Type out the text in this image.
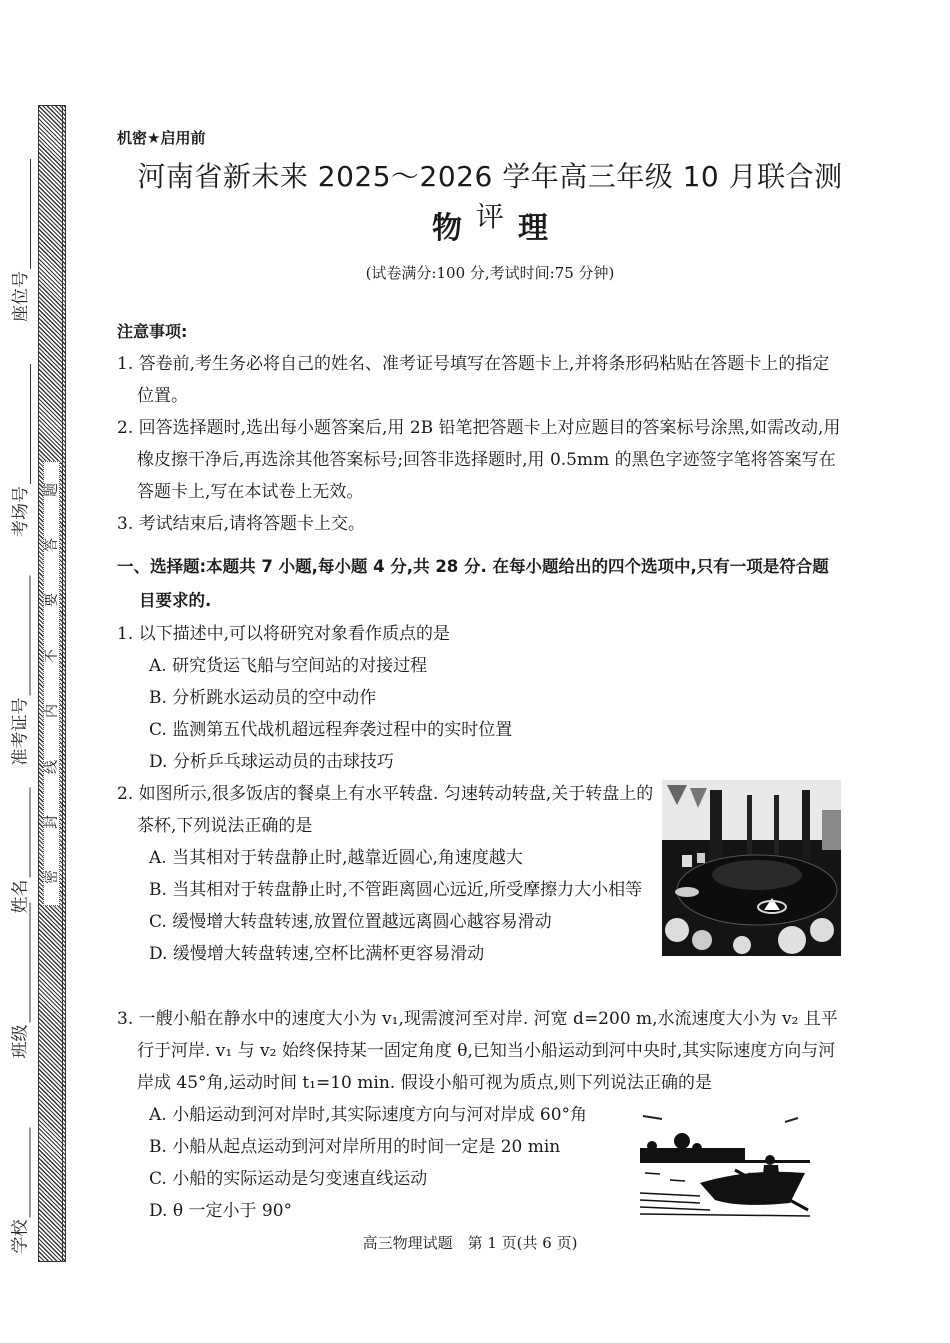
学校
班级
姓名
准考证号
考场号
座位号
密
封
线
内
不
要
答
题
机密★启用前
河南省新未来 2025～2026 学年高三年级 10 月联合测评
物 理
(试卷满分:100 分,考试时间:75 分钟)
注意事项:
1. 答卷前,考生务必将自己的姓名、准考证号填写在答题卡上,并将条形码粘贴在答题卡上的指定位置。
2. 回答选择题时,选出每小题答案后,用 2B 铅笔把答题卡上对应题目的答案标号涂黑,如需改动,用橡皮擦干净后,再选涂其他答案标号;回答非选择题时,用 0.5mm 的黑色字迹签字笔将答案写在答题卡上,写在本试卷上无效。
3. 考试结束后,请将答题卡上交。
一、选择题:本题共 7 小题,每小题 4 分,共 28 分. 在每小题给出的四个选项中,只有一项是符合题目要求的.
1. 以下描述中,可以将研究对象看作质点的是
A. 研究货运飞船与空间站的对接过程
B. 分析跳水运动员的空中动作
C. 监测第五代战机超远程奔袭过程中的实时位置
D. 分析乒乓球运动员的击球技巧
2. 如图所示,很多饭店的餐桌上有水平转盘. 匀速转动转盘,关于转盘上的茶杯,下列说法正确的是
A. 当其相对于转盘静止时,越靠近圆心,角速度越大
B. 当其相对于转盘静止时,不管距离圆心远近,所受摩擦力大小相等
C. 缓慢增大转盘转速,放置位置越远离圆心越容易滑动
D. 缓慢增大转盘转速,空杯比满杯更容易滑动
3. 一艘小船在静水中的速度大小为 v₁,现需渡河至对岸. 河宽 d=200 m,水流速度大小为 v₂ 且平行于河岸. v₁ 与 v₂ 始终保持某一固定角度 θ,已知当小船运动到河中央时,其实际速度方向与河岸成 45°角,运动时间 t₁=10 min. 假设小船可视为质点,则下列说法正确的是
A. 小船运动到河对岸时,其实际速度方向与河对岸成 60°角
B. 小船从起点运动到河对岸所用的时间一定是 20 min
C. 小船的实际运动是匀变速直线运动
D. θ 一定小于 90°
高三物理试题　第 1 页(共 6 页)
